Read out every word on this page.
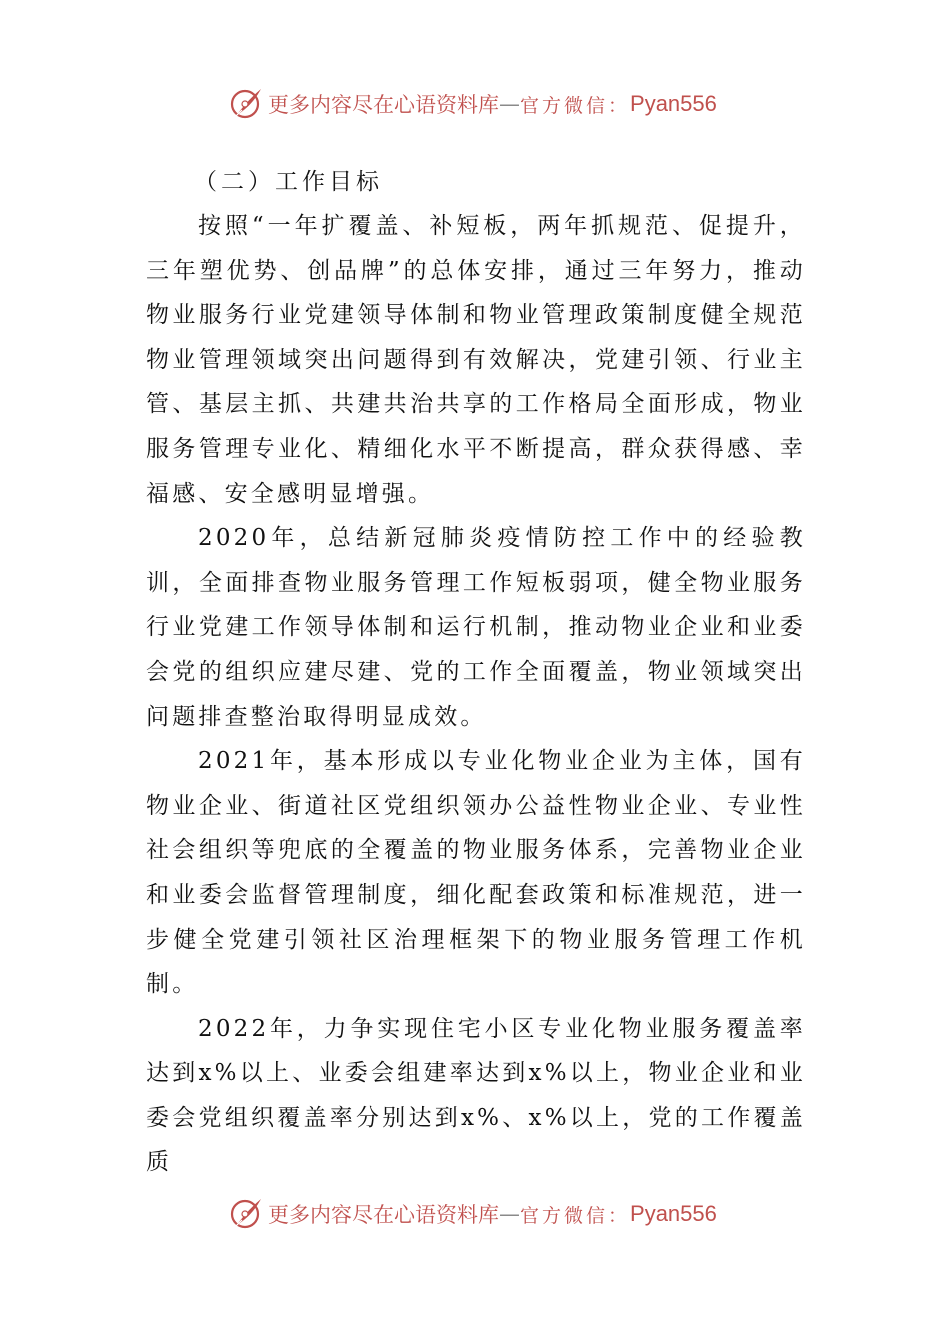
更多内容尽在心语资料库 — 官方微信： Pyan556
（二）工作目标

按照“一年扩覆盖、补短板，两年抓规范、促提升，三年塑优势、创品牌”的总体安排，通过三年努力，推动物业服务行业党建领导体制和物业管理政策制度健全规范物业管理领域突出问题得到有效解决，党建引领、行业主管、基层主抓、共建共治共享的工作格局全面形成，物业服务管理专业化、精细化水平不断提高，群众获得感、幸福感、安全感明显增强。

2020年，总结新冠肺炎疫情防控工作中的经验教训，全面排查物业服务管理工作短板弱项，健全物业服务行业党建工作领导体制和运行机制，推动物业企业和业委会党的组织应建尽建、党的工作全面覆盖，物业领域突出问题排查整治取得明显成效。

2021年，基本形成以专业化物业企业为主体，国有物业企业、街道社区党组织领办公益性物业企业、专业性社会组织等兜底的全覆盖的物业服务体系，完善物业企业和业委会监督管理制度，细化配套政策和标准规范，进一步健全党建引领社区治理框架下的物业服务管理工作机制。

2022年，力争实现住宅小区专业化物业服务覆盖率达到x%以上、业委会组建率达到x%以上，物业企业和业委会党组织覆盖率分别达到x%、x%以上，党的工作覆盖质

更多内容尽在心语资料库 — 官方微信： Pyan556
